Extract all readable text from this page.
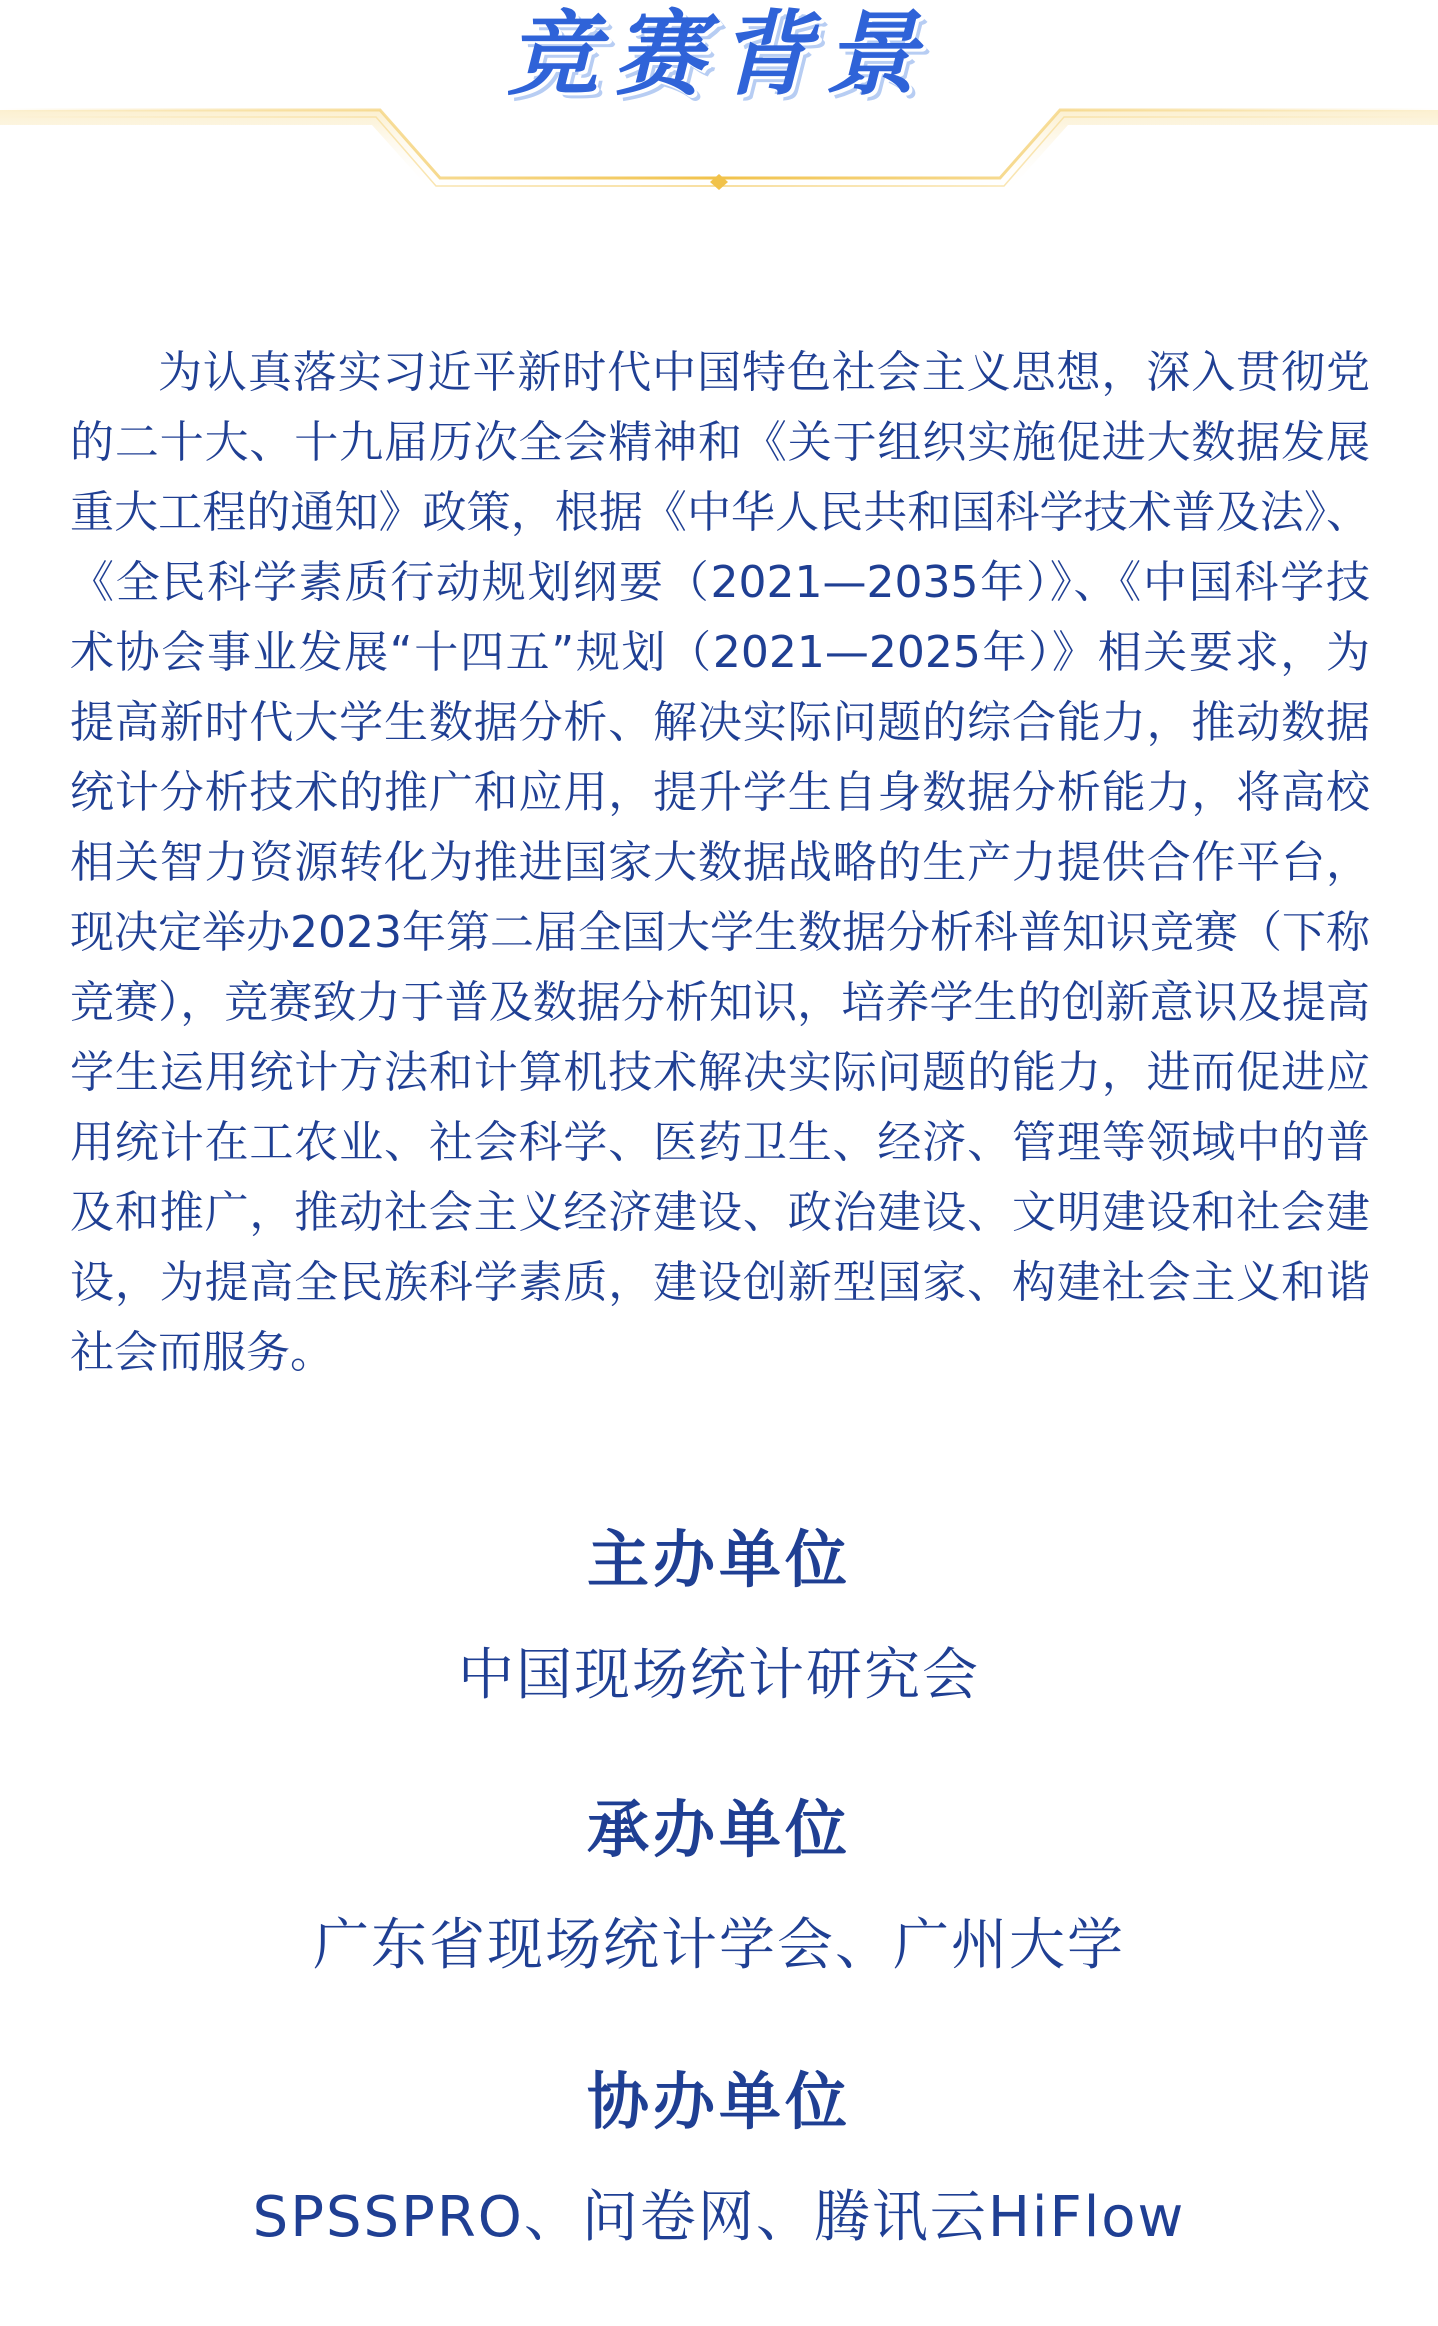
竞赛背景

为认真落实习近平新时代中国特色社会主义思想，深入贯彻党的二十大、十九届历次全会精神和《关于组织实施促进大数据发展重大工程的通知》政策，根据《中华人民共和国科学技术普及法》、《全民科学素质行动规划纲要（2021—2035年）》、《中国科学技术协会事业发展“十四五”规划（2021—2025年）》相关要求，为提高新时代大学生数据分析、解决实际问题的综合能力，推动数据统计分析技术的推广和应用，提升学生自身数据分析能力，将高校相关智力资源转化为推进国家大数据战略的生产力提供合作平台，现决定举办2023年第二届全国大学生数据分析科普知识竞赛（下称竞赛），竞赛致力于普及数据分析知识，培养学生的创新意识及提高学生运用统计方法和计算机技术解决实际问题的能力，进而促进应用统计在工农业、社会科学、医药卫生、经济、管理等领域中的普及和推广，推动社会主义经济建设、政治建设、文明建设和社会建设，为提高全民族科学素质，建设创新型国家、构建社会主义和谐社会而服务。

主办单位
中国现场统计研究会
承办单位
广东省现场统计学会、广州大学
协办单位
SPSSPRO、问卷网、腾讯云HiFlow
